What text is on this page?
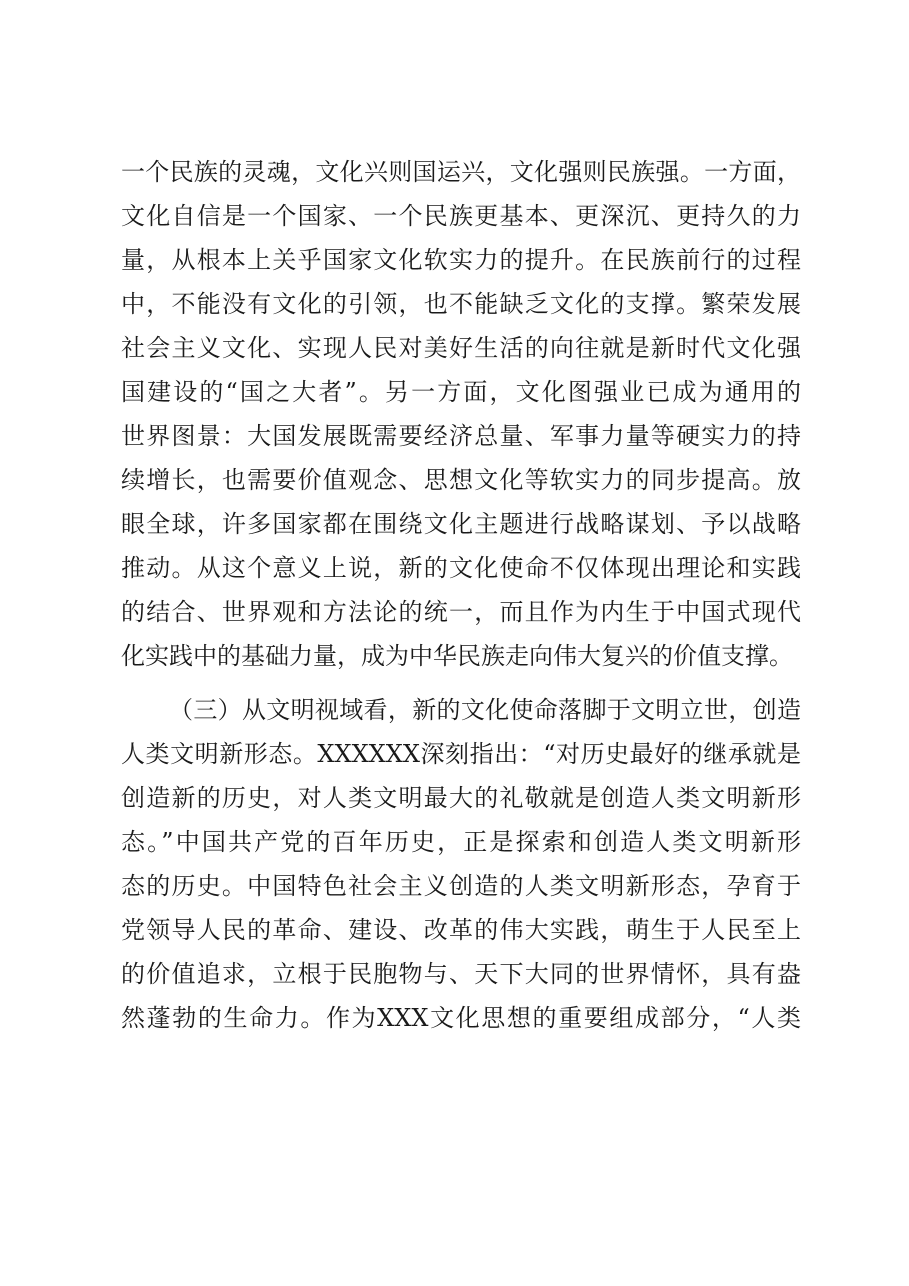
一个民族的灵魂，文化兴则国运兴，文化强则民族强。一方面，
文化自信是一个国家、一个民族更基本、更深沉、更持久的力
量，从根本上关乎国家文化软实力的提升。在民族前行的过程
中，不能没有文化的引领，也不能缺乏文化的支撑。繁荣发展
社会主义文化、实现人民对美好生活的向往就是新时代文化强
国建设的“国之大者”。另一方面，文化图强业已成为通用的
世界图景：大国发展既需要经济总量、军事力量等硬实力的持
续增长，也需要价值观念、思想文化等软实力的同步提高。放
眼全球，许多国家都在围绕文化主题进行战略谋划、予以战略
推动。从这个意义上说，新的文化使命不仅体现出理论和实践
的结合、世界观和方法论的统一，而且作为内生于中国式现代
化实践中的基础力量，成为中华民族走向伟大复兴的价值支撑。
（三）从文明视域看，新的文化使命落脚于文明立世，创造
人类文明新形态。XXXXXX深刻指出：“对历史最好的继承就是
创造新的历史，对人类文明最大的礼敬就是创造人类文明新形
态。”中国共产党的百年历史，正是探索和创造人类文明新形
态的历史。中国特色社会主义创造的人类文明新形态，孕育于
党领导人民的革命、建设、改革的伟大实践，萌生于人民至上
的价值追求，立根于民胞物与、天下大同的世界情怀，具有盎
然蓬勃的生命力。作为XXX文化思想的重要组成部分，“人类
